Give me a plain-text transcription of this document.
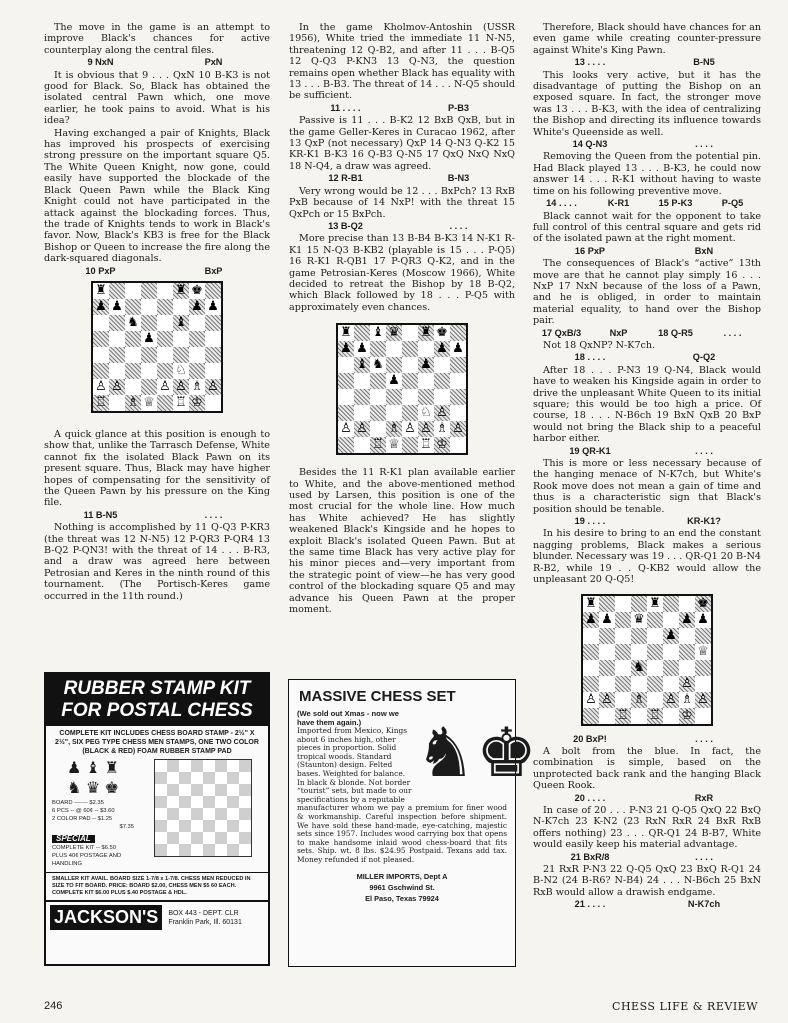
The move in the game is an attempt to improve Black's chances for active counterplay along the central files.

9 NxN	PxN

It is obvious that 9 . . . QxN 10 B-K3 is not good for Black. So, Black has obtained the isolated central Pawn which, one move earlier, he took pains to avoid. What is his idea?

Having exchanged a pair of Knights, Black has improved his prospects of exercising strong pressure on the important square Q5. The White Queen Knight, now gone, could easily have supported the blockade of the Black Queen Pawn while the Black King Knight could not have participated in the attack against the blockading forces. Thus, the trade of Knights tends to work in Black's favor. Now, Black's KB3 is free for the Black Bishop or Queen to increase the fire along the dark-squared diagonals.

10 PxP	BxP
♜	♜ ♚
♟ ♟	♟ ♟
♞	♝
♟
♘
♙ ♙	♙ ♙ ♗ ♙
♖ ♗ ♕ ♖ ♔

A quick glance at this position is enough to show that, unlike the Tarrasch Defense, White cannot fix the isolated Black Pawn on its present square. Thus, Black may have higher hopes of compensating for the sensitivity of the Queen Pawn by his pressure on the King file.

11 B-N5	. . . .

Nothing is accomplished by 11 Q-Q3 P-KR3 (the threat was 12 N-N5) 12 P-QR3 P-QR4 13 B-Q2 P-QN3! with the threat of 14 . . . B-R3, and a draw was agreed here between Petrosian and Keres in the ninth round of this tournament. (The Portisch-Keres game occurred in the 11th round.)

In the game Kholmov-Antoshin (USSR 1956), White tried the immediate 11 N-N5, threatening 12 Q-B2, and after 11 . . . B-Q5 12 Q-Q3 P-KN3 13 Q-N3, the question remains open whether Black has equality with 13 . . . B-B3. The threat of 14 . . . N-Q5 should be sufficient.

11 . . . .	P-B3

Passive is 11 . . . B-K2 12 BxB QxB, but in the game Geller-Keres in Curacao 1962, after 13 QxP (not necessary) QxP 14 Q-N3 Q-K2 15 KR-K1 B-K3 16 Q-B3 Q-N5 17 QxQ NxQ NxQ 18 N-Q4, a draw was agreed.

12 R-B1	B-N3

Very wrong would be 12 . . . BxPch? 13 RxB PxB because of 14 NxP! with the threat 15 QxPch or 15 BxPch.

13 B-Q2	. . . .

More precise than 13 B-B4 B-K3 14 N-K1 R-K1 15 N-Q3 B-KB2 (playable is 15 . . . P-Q5) 16 R-K1 R-QB1 17 P-QR3 Q-K2, and in the game Petrosian-Keres (Moscow 1966), White decided to retreat the Bishop by 18 B-Q2, which Black followed by 18 . . . P-Q5 with approximately even chances.

♜ ♝ ♛ ♜ ♚
♟ ♟	♟ ♟
♝ ♞	♟
♟
♘ ♙
♙ ♙ ♗ ♙ ♙ ♗ ♙
♖ ♕ ♖ ♔

Besides the 11 R-K1 plan available earlier to White, and the above-mentioned method used by Larsen, this position is one of the most crucial for the whole line. How much has White achieved? He has slightly weakened Black's Kingside and he hopes to exploit Black's isolated Queen Pawn. But at the same time Black has very active play for his minor pieces and—very important from the strategic point of view—he has very good control of the blockading square Q5 and may advance his Queen Pawn at the proper moment.

Therefore, Black should have chances for an even game while creating counter-pressure against White's King Pawn.

13 . . . .	B-N5

This looks very active, but it has the disadvantage of putting the Bishop on an exposed square. In fact, the stronger move was 13 . . . B-K3, with the idea of centralizing the Bishop and directing its influence towards White's Queenside as well.

14 Q-N3	. . . .

Removing the Queen from the potential pin. Had Black played 13 . . . B-K3, he could now answer 14 . . . R-K1 without having to waste time on his following preventive move.

14 . . . .	K-R1	15 P-K3	P-Q5

Black cannot wait for the opponent to take full control of this central square and gets rid of the isolated pawn at the right moment.

16 PxP	BxN

The consequences of Black's “active” 13th move are that he cannot play simply 16 . . . NxP 17 NxN because of the loss of a Pawn, and he is obliged, in order to maintain material equality, to hand over the Bishop pair.

17 QxB/3	NxP	18 Q-R5	. . . .

Not 18 QxNP? N-K7ch.

18 . . . .	Q-Q2

After 18 . . . P-N3 19 Q-N4, Black would have to weaken his Kingside again in order to drive the unpleasant White Queen to its initial square; this would be too high a price. Of course, 18 . . . N-B6ch 19 BxN QxB 20 BxP would not bring the Black ship to a peaceful harbor either.

19 QR-K1	. . . .

This is more or less necessary because of the hanging menace of N-K7ch, but White's Rook move does not mean a gain of time and thus is a characteristic sign that Black's position should be tenable.

19 . . . .	KR-K1?

In his desire to bring to an end the constant nagging problems, Black makes a serious blunder. Necessary was 19 . . . QR-Q1 20 B-N4 R-B2, while 19 . . Q-KB2 would allow the unpleasant 20 Q-Q5!

♜	♜	♚
♟ ♟ ♛	♟ ♟
♟
♕
♞
♙
♙ ♙ ♗ ♙ ♗ ♙
♖ ♖ ♔
20 BxP!	. . . .

A bolt from the blue. In fact, the combination is simple, based on the unprotected back rank and the hanging Black Queen Rook.

20 . . . .	RxR

In case of 20 . . . P-N3 21 Q-Q5 QxQ 22 BxQ N-K7ch 23 K-N2 (23 RxN RxR 24 BxR RxB offers nothing) 23 . . . QR-Q1 24 B-B7, White would easily keep his material advantage.

21 BxR/8	. . . .

21 RxR P-N3 22 Q-Q5 QxQ 23 BxQ R-Q1 24 B-N2 (24 B-R6? N-B4) 24 . . . N-B6ch 25 BxN RxB would allow a drawish endgame.

21 . . . .	N-K7ch
RUBBER STAMP KIT FOR POSTAL CHESS
COMPLETE KIT INCLUDES CHESS BOARD STAMP - 2½" X 2½", SIX PEG TYPE CHESS MEN STAMPS, ONE TWO COLOR (BLACK & RED) FOAM RUBBER STAMP PAD
♟ ♝ ♜
♞ ♛ ♚
BOARD ------- $2.35
6 PCS -- @ 60¢ -- $3.60
2 COLOR PAD -- $1.25
$7.35
SPECIAL
COMPLETE KIT -- $6.50
PLUS 40¢ POSTAGE AND HANDLING
SMALLER KIT AVAIL. BOARD SIZE 1-7/8 x 1-7/8. CHESS MEN REDUCED IN SIZE TO FIT BOARD. PRICE: BOARD $2.00, CHESS MEN $5 60 EACH. COMPLETE KIT $6.00 PLUS $.40 POSTAGE & HDL.
JACKSON'S	BOX 443 - DEPT. CLR
Franklin Park, Ill. 60131
MASSIVE CHESS SET
(We sold out Xmas - now we have them again.)
Imported from Mexico, Kings about 6 inches high, other pieces in proportion. Solid tropical woods. Standard (Staunton) design. Felted bases. Weighted for balance. In black & blonde. Not border “tourist” sets, but made to our specifications by a reputable
♞♚
manufacturer whom we pay a premium for finer wood & workmanship. Careful inspection before shipment. We have sold these hand-made, eye-catching, majestic sets since 1957. Includes wood carrying box that opens to make handsome inlaid wood chess-board that fits sets. Ship. wt. 8 lbs. $24.95 Postpaid. Texans add tax. Money refunded if not pleased.
MILLER IMPORTS, Dept A
9961 Gschwind St.
El Paso, Texas 79924
246	CHESS LIFE & REVIEW
